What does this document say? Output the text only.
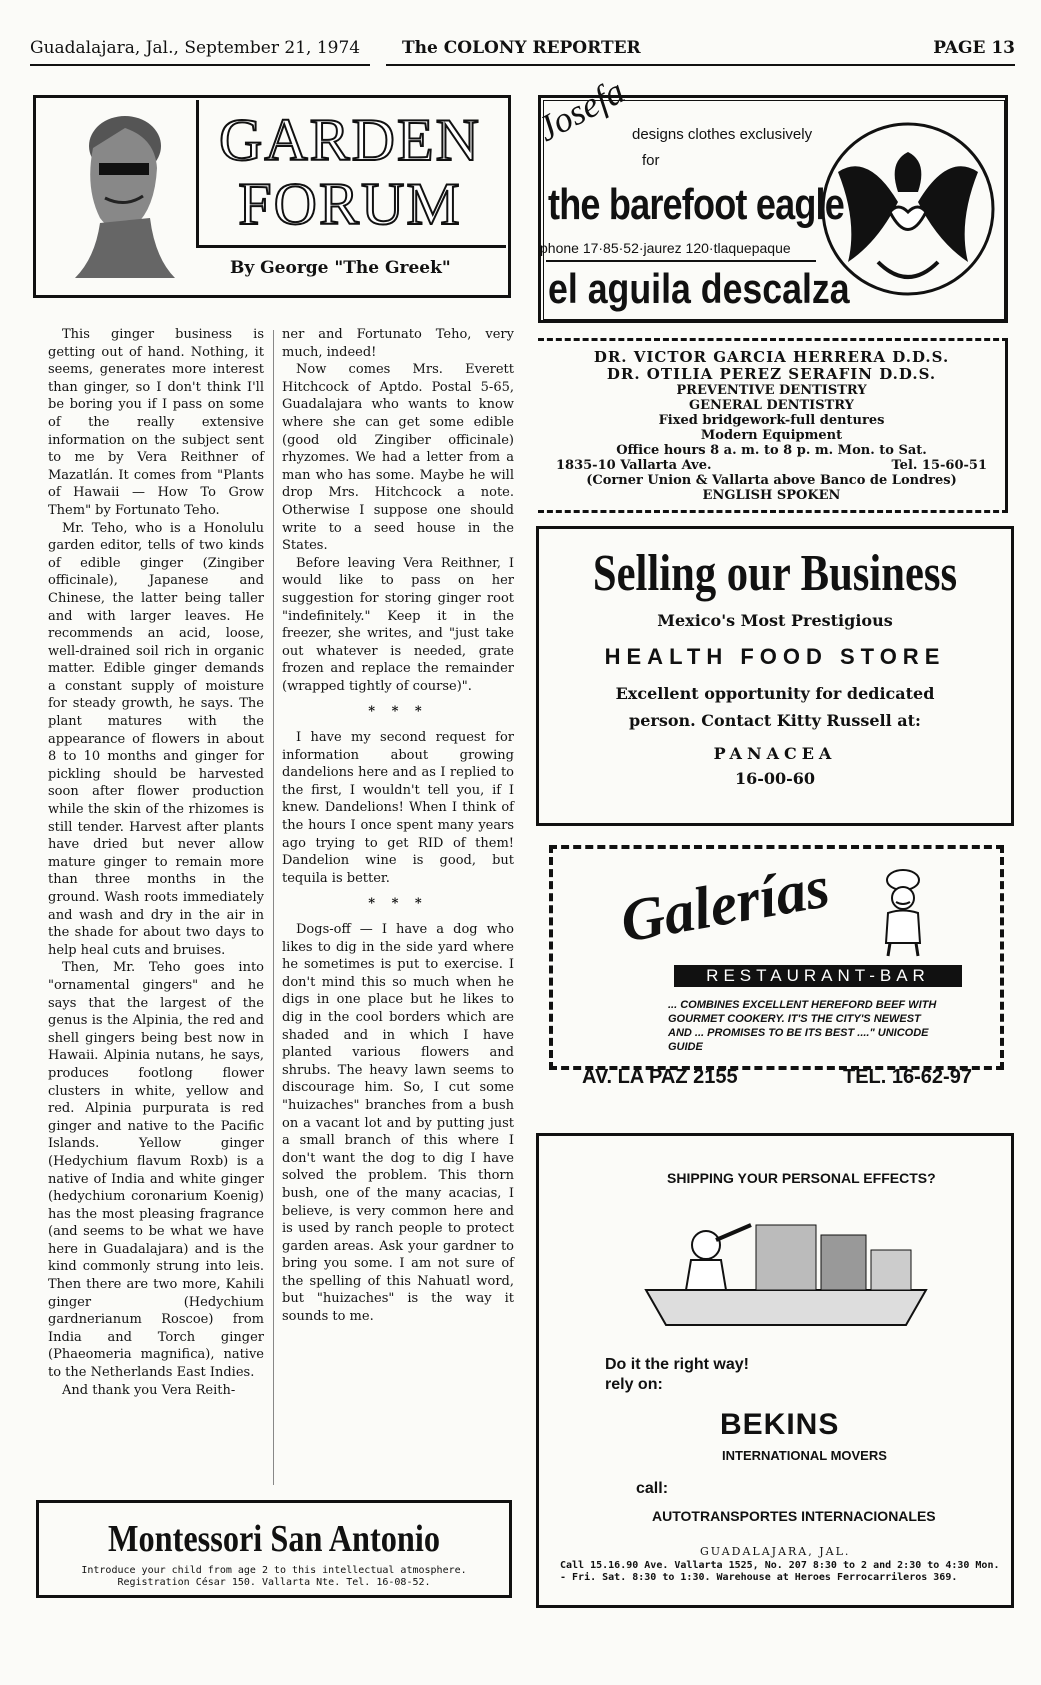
Guadalajara, Jal., September 21, 1974 The COLONY REPORTER	PAGE 13
GARDEN FORUM
By George "The Greek"

This ginger business is getting out of hand. Nothing, it seems, generates more interest than ginger, so I don't think I'll be boring you if I pass on some of the really extensive information on the subject sent to me by Vera Reithner of Mazatlán. It comes from "Plants of Hawaii — How To Grow Them" by Fortunato Teho.

Mr. Teho, who is a Honolulu garden editor, tells of two kinds of edible ginger (Zingiber officinale), Japanese and Chinese, the latter being taller and with larger leaves. He recommends an acid, loose, well-drained soil rich in organic matter. Edible ginger demands a constant supply of moisture for steady growth, he says. The plant matures with the appearance of flowers in about 8 to 10 months and ginger for pickling should be harvested soon after flower production while the skin of the rhizomes is still tender. Harvest after plants have dried but never allow mature ginger to remain more than three months in the ground. Wash roots immediately and wash and dry in the air in the shade for about two days to help heal cuts and bruises.

Then, Mr. Teho goes into "ornamental gingers" and he says that the largest of the genus is the Alpinia, the red and shell gingers being best now in Hawaii. Alpinia nutans, he says, produces footlong flower clusters in white, yellow and red. Alpinia purpurata is red ginger and native to the Pacific Islands. Yellow ginger (Hedychium flavum Roxb) is a native of India and white ginger (hedychium coronarium Koenig) has the most pleasing fragrance (and seems to be what we have here in Guadalajara) and is the kind commonly strung into leis. Then there are two more, Kahili ginger (Hedychium gardnerianum Roscoe) from India and Torch ginger (Phaeomeria magnifica), native to the Netherlands East Indies.

And thank you Vera Reith-

ner and Fortunato Teho, very much, indeed!

Now comes Mrs. Everett Hitchcock of Aptdo. Postal 5-65, Guadalajara who wants to know where she can get some edible (good old Zingiber officinale) rhyzomes. We had a letter from a man who has some. Maybe he will drop Mrs. Hitchcock a note. Otherwise I suppose one should write to a seed house in the States.

Before leaving Vera Reithner, I would like to pass on her suggestion for storing ginger root "indefinitely." Keep it in the freezer, she writes, and "just take out whatever is needed, grate frozen and replace the remainder (wrapped tightly of course)".

* * *

I have my second request for information about growing dandelions here and as I replied to the first, I wouldn't tell you, if I knew. Dandelions! When I think of the hours I once spent many years ago trying to get RID of them! Dandelion wine is good, but tequila is better.

* * *

Dogs-off — I have a dog who likes to dig in the side yard where he sometimes is put to exercise. I don't mind this so much when he digs in one place but he likes to dig in the cool borders which are shaded and in which I have planted various flowers and shrubs. The heavy lawn seems to discourage him. So, I cut some "huizaches" branches from a bush on a vacant lot and by putting just a small branch of this where I don't want the dog to dig I have solved the problem. This thorn bush, one of the many acacias, I believe, is very common here and is used by ranch people to protect garden areas. Ask your gardner to bring you some. I am not sure of the spelling of this Nahuatl word, but "huizaches" is the way it sounds to me.

Montessori San Antonio
Introduce your child from age 2 to this intellectual atmosphere. Registration César 150. Vallarta Nte. Tel. 16-08-52.
Josefa designs clothes exclusively
for
the barefoot eagle
phone 17·85·52·jaurez 120·tlaquepaque
el aguila descalza
DR. VICTOR GARCIA HERRERA D.D.S.
DR. OTILIA PEREZ SERAFIN D.D.S.
PREVENTIVE DENTISTRY
GENERAL DENTISTRY
Fixed bridgework-full dentures
Modern Equipment
Office hours 8 a. m. to 8 p. m. Mon. to Sat.
1835-10 Vallarta Ave.	Tel. 15-60-51
(Corner Union & Vallarta above Banco de Londres)
ENGLISH SPOKEN
Selling our Business
Mexico's Most Prestigious
HEALTH FOOD STORE
Excellent opportunity for dedicated
person. Contact Kitty Russell at:
PANACEA
16-00-60
Galerías
RESTAURANT-BAR
... COMBINES EXCELLENT HEREFORD BEEF WITH GOURMET COOKERY. IT'S THE CITY'S NEWEST AND ... PROMISES TO BE ITS BEST ...." UNICODE GUIDE
AV. LA PAZ 2155	TEL. 16-62-97
SHIPPING YOUR PERSONAL EFFECTS?
Do it the right way!
rely on:
BEKINS
INTERNATIONAL MOVERS
call:
AUTOTRANSPORTES INTERNACIONALES
GUADALAJARA, JAL.
Call 15.16.90 Ave. Vallarta 1525, No. 207 8:30 to 2 and 2:30 to 4:30 Mon. - Fri. Sat. 8:30 to 1:30. Warehouse at Heroes Ferrocarrileros 369.
